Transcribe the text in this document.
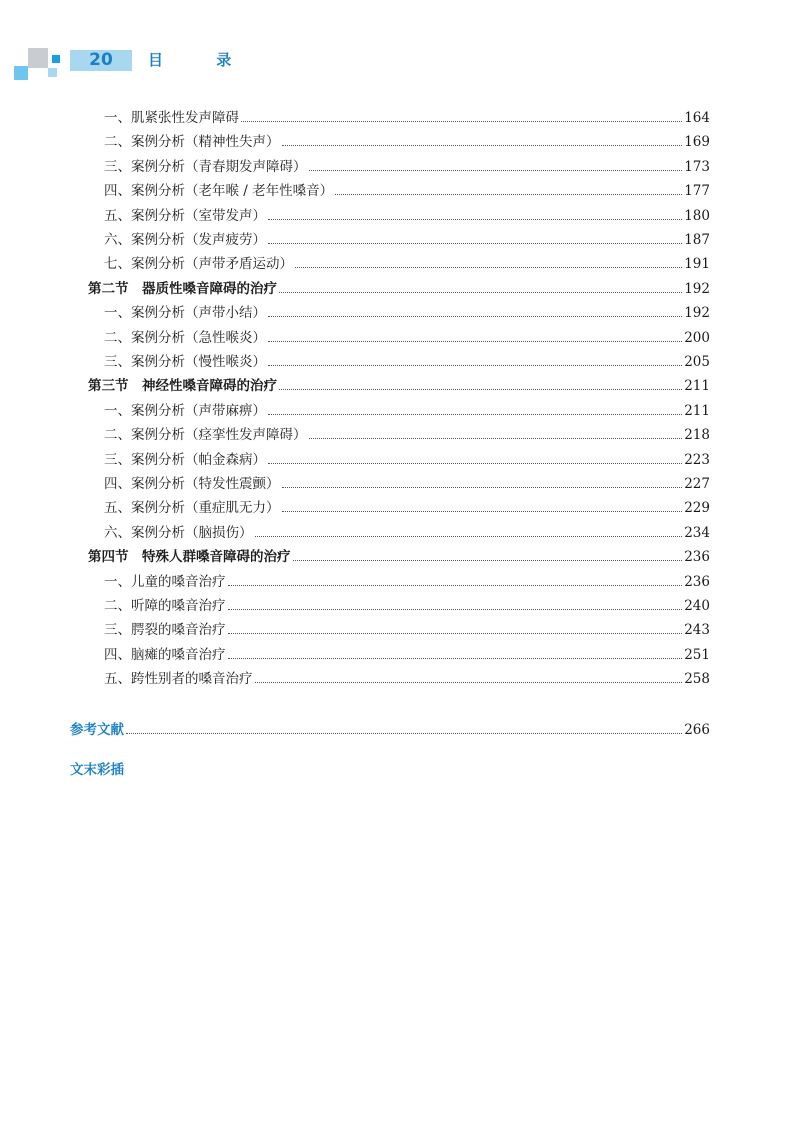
20	目 录
一、肌紧张性发声障碍	164
二、案例分析（精神性失声）	169
三、案例分析（青春期发声障碍）	173
四、案例分析（老年喉 / 老年性嗓音）	177
五、案例分析（室带发声）	180
六、案例分析（发声疲劳）	187
七、案例分析（声带矛盾运动）	191
第二节　器质性嗓音障碍的治疗	192
一、案例分析（声带小结）	192
二、案例分析（急性喉炎）	200
三、案例分析（慢性喉炎）	205
第三节　神经性嗓音障碍的治疗	211
一、案例分析（声带麻痹）	211
二、案例分析（痉挛性发声障碍）	218
三、案例分析（帕金森病）	223
四、案例分析（特发性震颤）	227
五、案例分析（重症肌无力）	229
六、案例分析（脑损伤）	234
第四节　特殊人群嗓音障碍的治疗	236
一、儿童的嗓音治疗	236
二、听障的嗓音治疗	240
三、腭裂的嗓音治疗	243
四、脑瘫的嗓音治疗	251
五、跨性别者的嗓音治疗	258
参考文献	266
文末彩插
